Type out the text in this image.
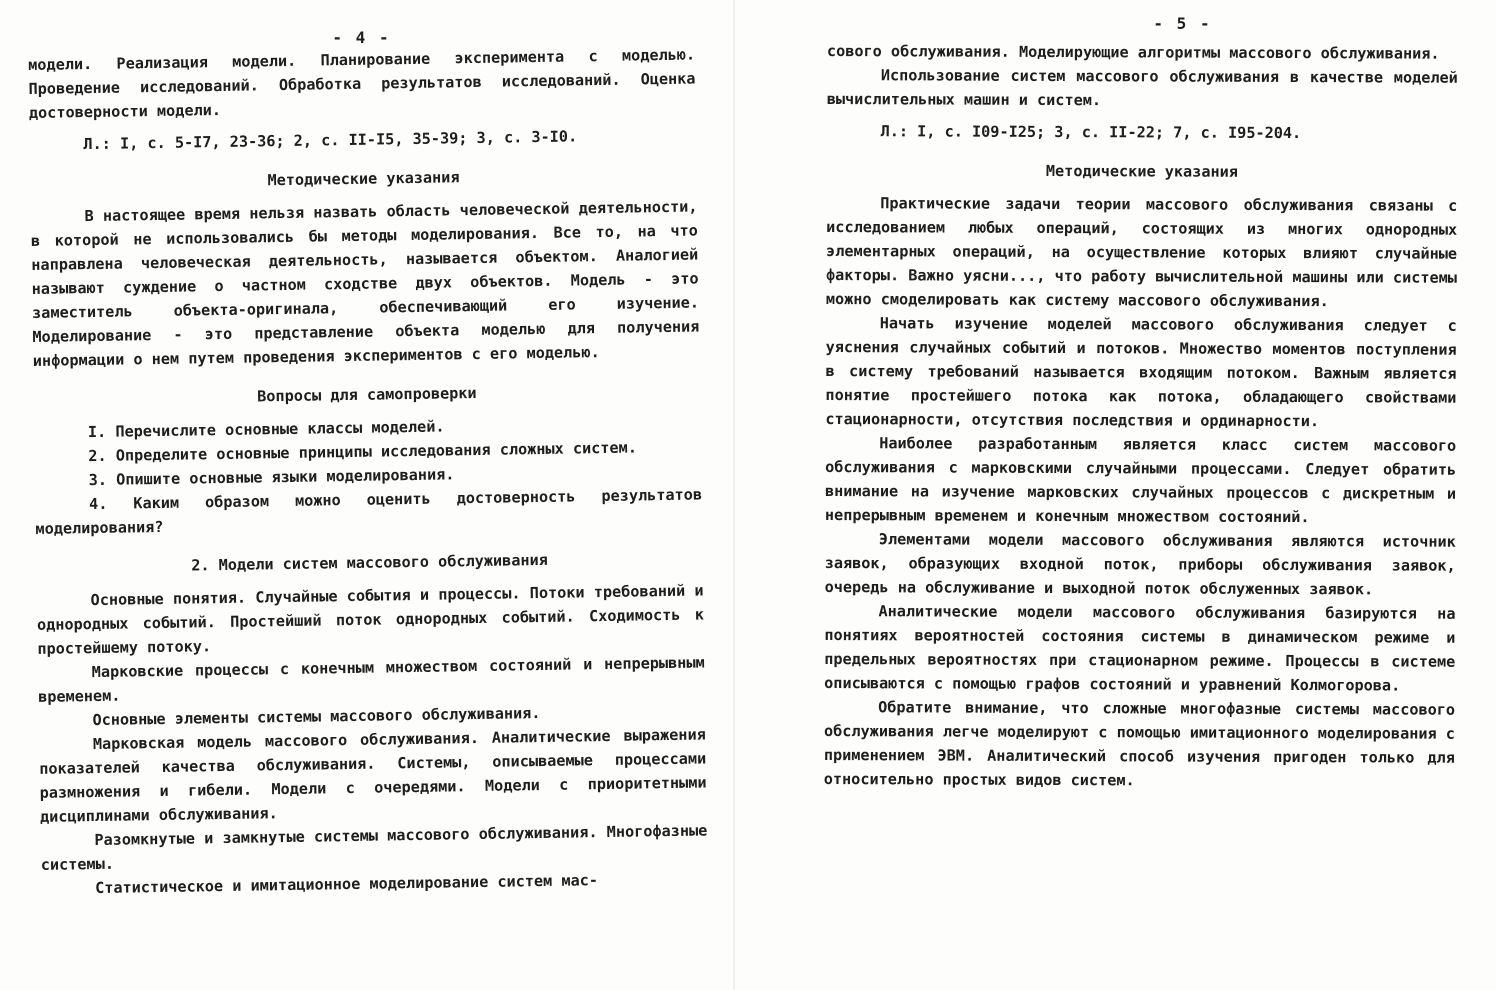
- 4 -

модели. Реализация модели. Планирование эксперимента с моделью. Проведение исследований. Обработка результатов исследований. Оценка достоверности модели.

Л.: I, с. 5-I7, 23-36; 2, с. II-I5, 35-39; 3, с. 3-I0.

Методические указания

В настоящее время нельзя назвать область человеческой деятельности, в которой не использовались бы методы моделирования. Все то, на что направлена человеческая деятельность, называется объектом. Аналогией называют суждение о частном сходстве двух объектов. Модель - это заместитель объекта-оригинала, обеспечивающий его изучение. Моделирование - это представление объекта моделью для получения информации о нем путем проведения экспериментов с его моделью.

Вопросы для самопроверки

I. Перечислите основные классы моделей.

2. Определите основные принципы исследования сложных систем.

3. Опишите основные языки моделирования.

4. Каким образом можно оценить достоверность результатов моделирования?

2. Модели систем массового обслуживания

Основные понятия. Случайные события и процессы. Потоки требований и однородных событий. Простейший поток однородных событий. Сходимость к простейшему потоку.

Марковские процессы с конечным множеством состояний и непрерывным временем.

Основные элементы системы массового обслуживания.

Марковская модель массового обслуживания. Аналитические выражения показателей качества обслуживания. Системы, описываемые процессами размножения и гибели. Модели с очередями. Модели с приоритетными дисциплинами обслуживания.

Разомкнутые и замкнутые системы массового обслуживания. Многофазные системы.

Статистическое и имитационное моделирование систем мас-

- 5 -

сового обслуживания. Моделирующие алгоритмы массового обслуживания.

Использование систем массового обслуживания в качестве моделей вычислительных машин и систем.

Л.: I, с. I09-I25; 3, с. II-22; 7, с. I95-204.

Методические указания

Практические задачи теории массового обслуживания связаны с исследованием любых операций, состоящих из многих однородных элементарных операций, на осуществление которых влияют случайные факторы. Важно уясни..., что работу вычислительной машины или системы можно смоделировать как систему массового обслуживания.

Начать изучение моделей массового обслуживания следует с уяснения случайных событий и потоков. Множество моментов поступления в систему требований называется входящим потоком. Важным является понятие простейшего потока как потока, обладающего свойствами стационарности, отсутствия последствия и ординарности.

Наиболее разработанным является класс систем массового обслуживания с марковскими случайными процессами. Следует обратить внимание на изучение марковских случайных процессов с дискретным и непрерывным временем и конечным множеством состояний.

Элементами модели массового обслуживания являются источник заявок, образующих входной поток, приборы обслуживания заявок, очередь на обслуживание и выходной поток обслуженных заявок.

Аналитические модели массового обслуживания базируются на понятиях вероятностей состояния системы в динамическом режиме и предельных вероятностях при стационарном режиме. Процессы в системе описываются с помощью графов состояний и уравнений Колмогорова.

Обратите внимание, что сложные многофазные системы массового обслуживания легче моделируют с помощью имитационного моделирования с применением ЭВМ. Аналитический способ изучения пригоден только для относительно простых видов систем.
